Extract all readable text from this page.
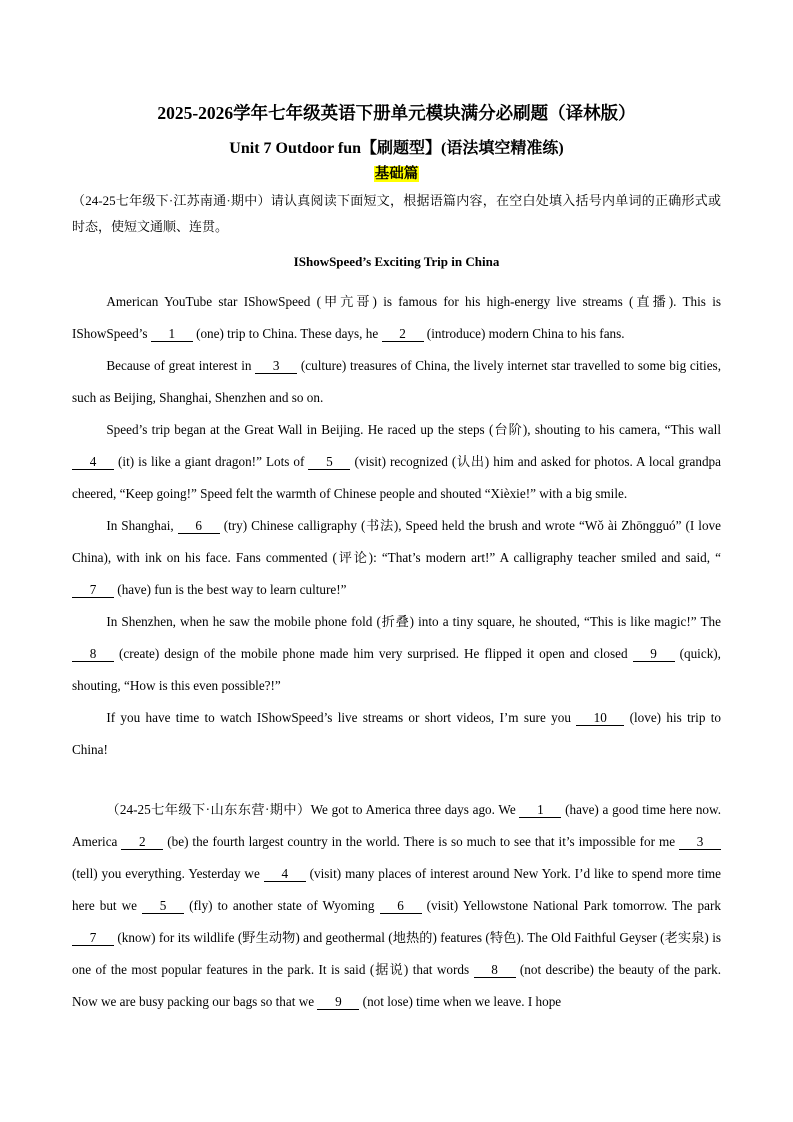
2025-2026学年七年级英语下册单元模块满分必刷题（译林版）
Unit 7 Outdoor fun【刷题型】(语法填空精准练)
基础篇

（24-25七年级下·江苏南通·期中）请认真阅读下面短文，根据语篇内容，在空白处填入括号内单词的正确形式或时态，使短文通顺、连贯。

IShowSpeed’s Exciting Trip in China

American YouTube star IShowSpeed (甲亢哥) is famous for his high-energy live streams (直播). This is IShowSpeed’s 1 (one) trip to China. These days, he 2 (introduce) modern China to his fans.

Because of great interest in 3 (culture) treasures of China, the lively internet star travelled to some big cities, such as Beijing, Shanghai, Shenzhen and so on.

Speed’s trip began at the Great Wall in Beijing. He raced up the steps (台阶), shouting to his camera, “This wall 4 (it) is like a giant dragon!” Lots of 5 (visit) recognized (认出) him and asked for photos. A local grandpa cheered, “Keep going!” Speed felt the warmth of Chinese people and shouted “Xièxie!” with a big smile.

In Shanghai, 6 (try) Chinese calligraphy (书法), Speed held the brush and wrote “Wǒ ài Zhōngguó” (I love China), with ink on his face. Fans commented (评论): “That’s modern art!” A calligraphy teacher smiled and said, “7 (have) fun is the best way to learn culture!”

In Shenzhen, when he saw the mobile phone fold (折叠) into a tiny square, he shouted, “This is like magic!” The 8 (create) design of the mobile phone made him very surprised. He flipped it open and closed 9 (quick), shouting, “How is this even possible?!”

If you have time to watch IShowSpeed’s live streams or short videos, I’m sure you 10 (love) his trip to China!

（24-25七年级下·山东东营·期中）We got to America three days ago. We 1 (have) a good time here now. America 2 (be) the fourth largest country in the world. There is so much to see that it’s impossible for me 3 (tell) you everything. Yesterday we 4 (visit) many places of interest around New York. I’d like to spend more time here but we 5 (fly) to another state of Wyoming 6 (visit) Yellowstone National Park tomorrow. The park 7 (know) for its wildlife (野生动物) and geothermal (地热的) features (特色). The Old Faithful Geyser (老实泉) is one of the most popular features in the park. It is said (据说) that words 8 (not describe) the beauty of the park. Now we are busy packing our bags so that we 9 (not lose) time when we leave. I hope
